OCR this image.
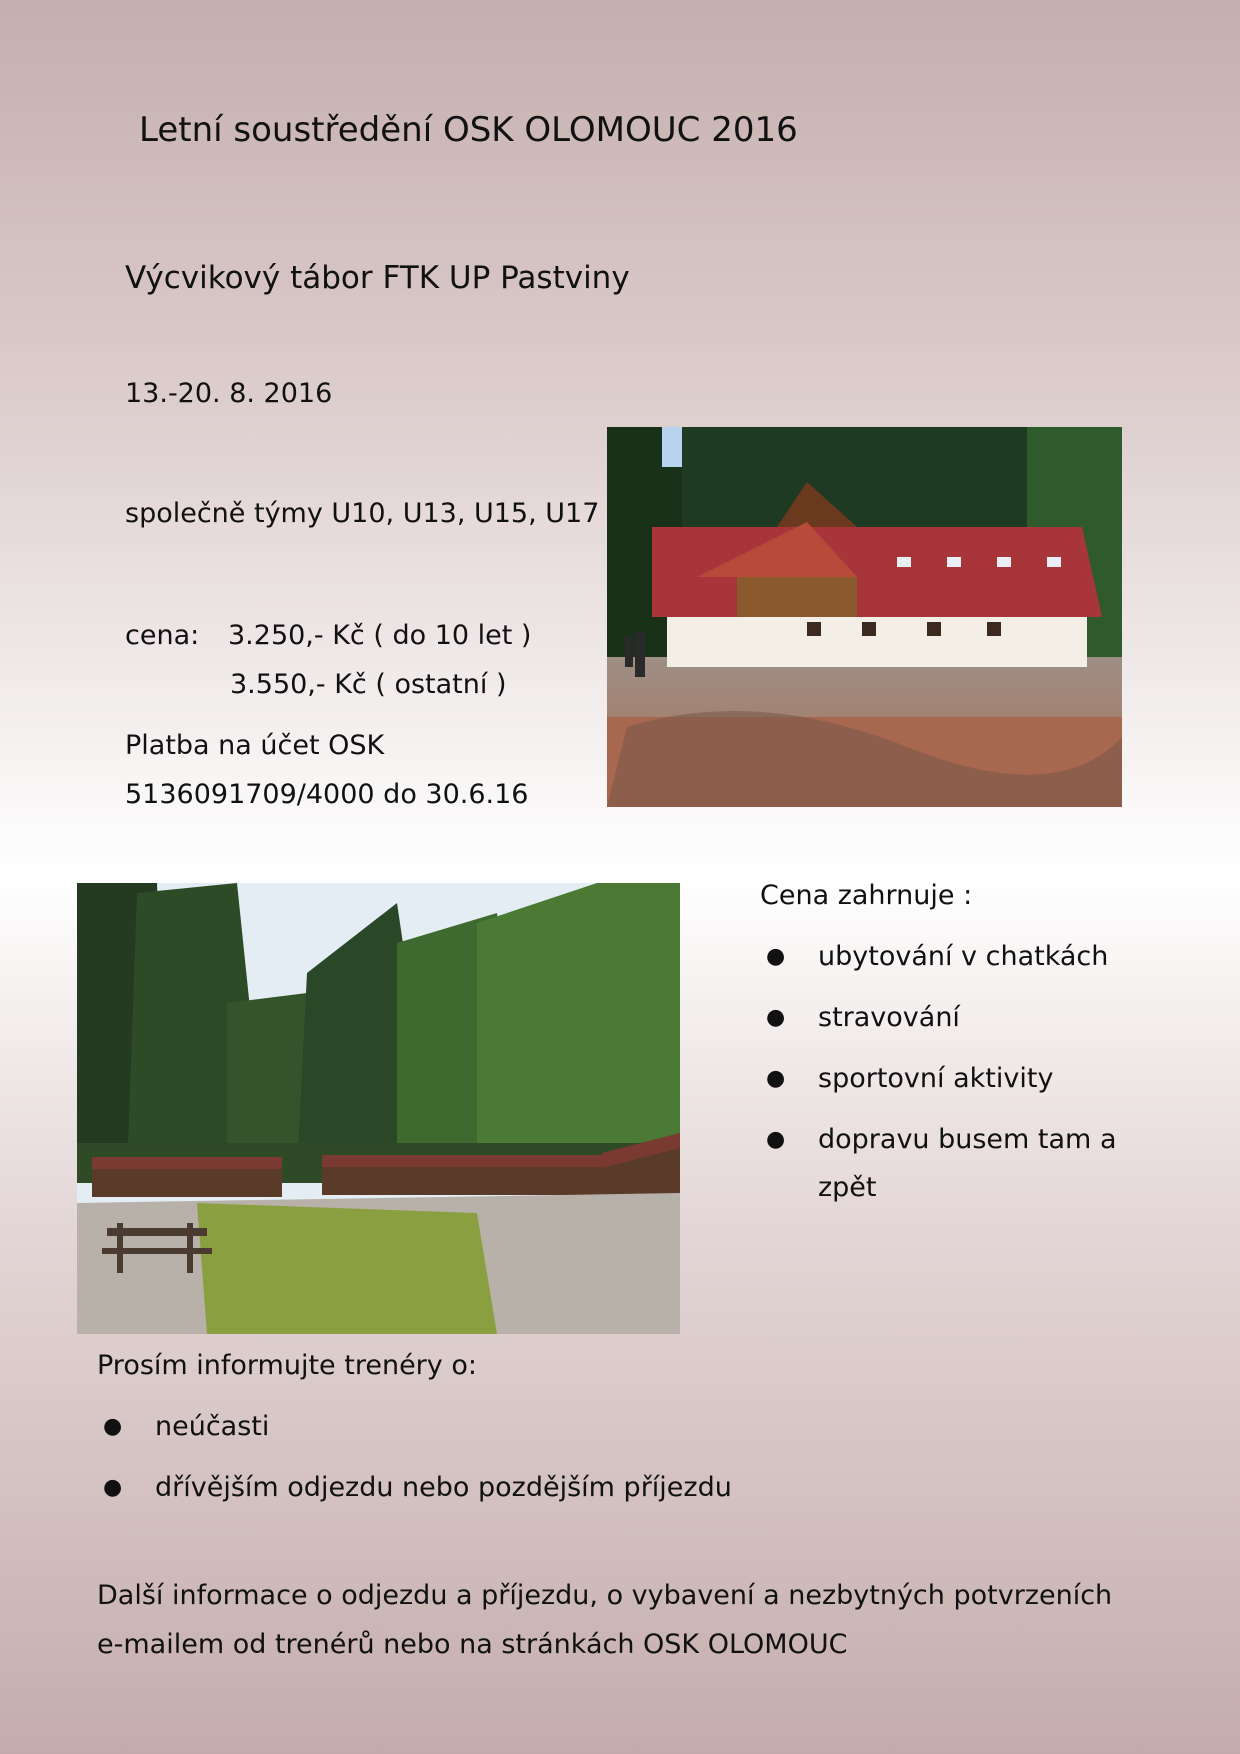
Letní soustředění OSK OLOMOUC 2016
Výcvikový tábor FTK UP Pastviny
13.-20. 8. 2016
společně týmy U10, U13, U15, U17
cena: 3.250,- Kč ( do 10 let )
3.550,- Kč ( ostatní )
Platba na účet OSK
5136091709/4000 do 30.6.16
Cena zahrnuje :
● ubytování v chatkách
● stravování
● sportovní aktivity
● dopravu busem tam a
zpět
Prosím informujte trenéry o:
● neúčasti
● dřívějším odjezdu nebo pozdějším příjezdu
Další informace o odjezdu a příjezdu, o vybavení a nezbytných potvrzeních
e-mailem od trenérů nebo na stránkách OSK OLOMOUC
